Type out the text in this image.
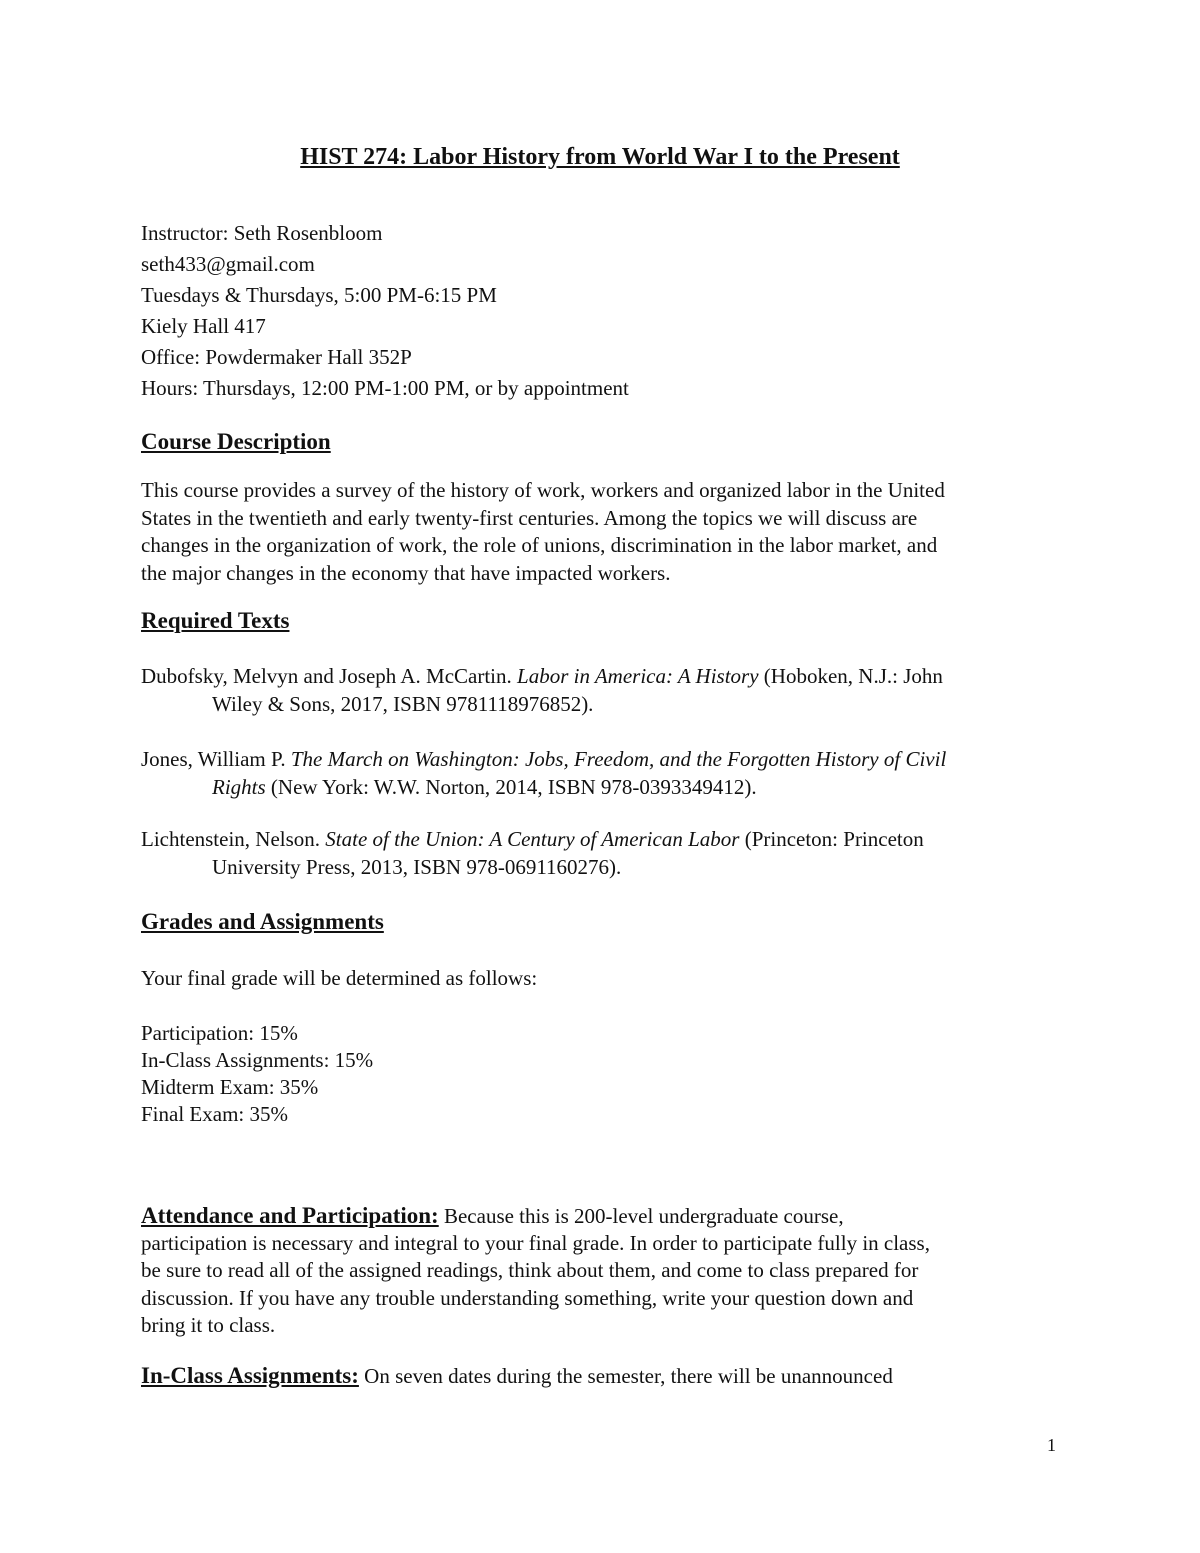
HIST 274: Labor History from World War I to the Present
Instructor: Seth Rosenbloom
seth433@gmail.com
Tuesdays & Thursdays, 5:00 PM-6:15 PM
Kiely Hall 417
Office: Powdermaker Hall 352P
Hours: Thursdays, 12:00 PM-1:00 PM, or by appointment
Course Description
This course provides a survey of the history of work, workers and organized labor in the United
States in the twentieth and early twenty-first centuries. Among the topics we will discuss are
changes in the organization of work, the role of unions, discrimination in the labor market, and
the major changes in the economy that have impacted workers.
Required Texts
Dubofsky, Melvyn and Joseph A. McCartin. Labor in America: A History (Hoboken, N.J.: John
Wiley & Sons, 2017, ISBN 9781118976852).
Jones, William P. The March on Washington: Jobs, Freedom, and the Forgotten History of Civil
Rights (New York: W.W. Norton, 2014, ISBN 978-0393349412).
Lichtenstein, Nelson. State of the Union: A Century of American Labor (Princeton: Princeton
University Press, 2013, ISBN 978-0691160276).
Grades and Assignments
Your final grade will be determined as follows:
Participation: 15%
In-Class Assignments: 15%
Midterm Exam: 35%
Final Exam: 35%
Attendance and Participation: Because this is 200-level undergraduate course,
participation is necessary and integral to your final grade. In order to participate fully in class,
be sure to read all of the assigned readings, think about them, and come to class prepared for
discussion. If you have any trouble understanding something, write your question down and
bring it to class.
In-Class Assignments: On seven dates during the semester, there will be unannounced
1
